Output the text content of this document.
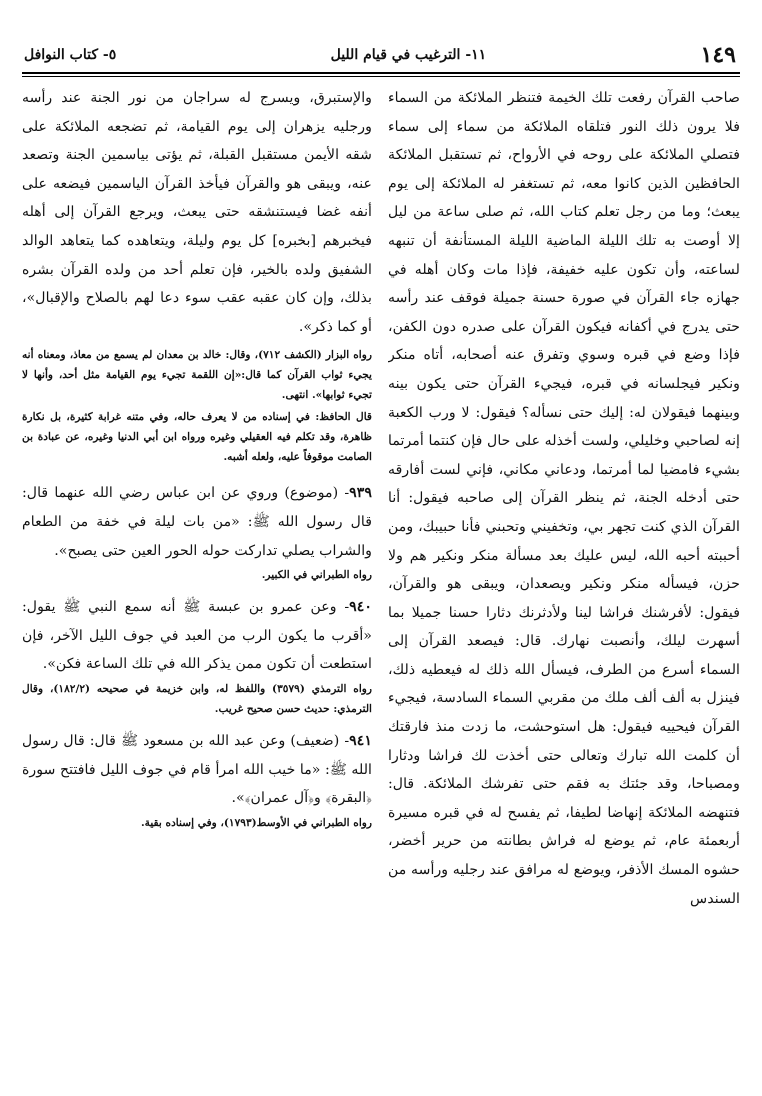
١٤٩
١١- الترغيب في قيام الليل
٥- كتاب النوافل

صاحب القرآن رفعت تلك الخيمة فتنظر الملائكة من السماء فلا يرون ذلك النور فتلقاه الملائكة من سماء إلى سماء فتصلي الملائكة على روحه في الأرواح، ثم تستقبل الملائكة الحافظين الذين كانوا معه، ثم تستغفر له الملائكة إلى يوم يبعث؛ وما من رجل تعلم كتاب الله، ثم صلى ساعة من ليل إلا أوصت به تلك الليلة الماضية الليلة المستأنفة أن تنبهه لساعته، وأن تكون عليه خفيفة، فإذا مات وكان أهله في جهازه جاء القرآن في صورة حسنة جميلة فوقف عند رأسه حتى يدرج في أكفانه فيكون القرآن على صدره دون الكفن، فإذا وضع في قبره وسوي وتفرق عنه أصحابه، أتاه منكر ونكير فيجلسانه في قبره، فيجيء القرآن حتى يكون بينه وبينهما فيقولان له: إليك حتى نسأله؟ فيقول: لا ورب الكعبة إنه لصاحبي وخليلي، ولست أخذله على حال فإن كنتما أمرتما بشيء فامضيا لما أمرتما، ودعاني مكاني، فإني لست أفارقه حتى أدخله الجنة، ثم ينظر القرآن إلى صاحبه فيقول: أنا القرآن الذي كنت تجهر بي، وتخفيني وتحبني فأنا حبيبك، ومن أحببته أحبه الله، ليس عليك بعد مسألة منكر ونكير هم ولا حزن، فيسأله منكر ونكير ويصعدان، ويبقى هو والقرآن، فيقول: لأفرشنك فراشا لينا ولأدثرنك دثارا حسنا جميلا بما أسهرت ليلك، وأنصبت نهارك. قال: فيصعد القرآن إلى السماء أسرع من الطرف، فيسأل الله ذلك له فيعطيه ذلك، فينزل به ألف ألف ملك من مقربي السماء السادسة، فيجيء القرآن فيحييه فيقول: هل استوحشت، ما زدت منذ فارقتك أن كلمت الله تبارك وتعالى حتى أخذت لك فراشا ودثارا ومصباحا، وقد جئتك به فقم حتى تفرشك الملائكة. قال: فتنهضه الملائكة إنهاضا لطيفا، ثم يفسح له في قبره مسيرة أربعمئة عام، ثم يوضع له فراش بطانته من حرير أخضر، حشوه المسك الأذفر، ويوضع له مرافق عند رجليه ورأسه من السندس

والإستبرق، ويسرج له سراجان من نور الجنة عند رأسه ورجليه يزهران إلى يوم القيامة، ثم تضجعه الملائكة على شقه الأيمن مستقبل القبلة، ثم يؤتى بياسمين الجنة وتصعد عنه، ويبقى هو والقرآن فيأخذ القرآن الياسمين فيضعه على أنفه غضا فيستنشقه حتى يبعث، ويرجع القرآن إلى أهله فيخبرهم [بخبره] كل يوم وليلة، ويتعاهده كما يتعاهد الوالد الشفيق ولده بالخير، فإن تعلم أحد من ولده القرآن بشره بذلك، وإن كان عقبه عقب سوء دعا لهم بالصلاح والإقبال»، أو كما ذكر».

رواه البزار (الكشف ٧١٢)، وقال: خالد بن معدان لم يسمع من معاذ، ومعناه أنه يجيء ثواب القرآن كما قال:«إن اللقمة تجيء يوم القيامة مثل أحد، وأنها لا تجيء ثوابها». انتهى.

قال الحافظ: في إسناده من لا يعرف حاله، وفي متنه غرابة كثيرة، بل نكارة ظاهرة، وقد تكلم فيه العقيلي وغيره ورواه ابن أبي الدنيا وغيره، عن عبادة بن الصامت موقوفاً عليه، ولعله أشبه.

٩٣٩- (موضوع) وروي عن ابن عباس رضي الله عنهما قال: قال رسول الله ﷺ: «من بات ليلة في خفة من الطعام والشراب يصلي تداركت حوله الحور العين حتى يصبح».

رواه الطبراني في الكبير.

٩٤٠- وعن عمرو بن عبسة ﷺ أنه سمع النبي ﷺ يقول: «أقرب ما يكون الرب من العبد في جوف الليل الآخر، فإن استطعت أن تكون ممن يذكر الله في تلك الساعة فكن».

رواه الترمذي (٣٥٧٩) واللفظ له، وابن خزيمة في صحيحه (١٨٢/٢)، وقال الترمذي: حديث حسن صحيح غريب.

٩٤١- (ضعيف) وعن عبد الله بن مسعود ﷺ قال: قال رسول الله ﷺ: «ما خيب الله امرأ قام في جوف الليل فافتتح سورة ﴿البقرة﴾ و﴿آل عمران﴾».

رواه الطبراني في الأوسط(١٧٩٣)، وفي إسناده بقية.
